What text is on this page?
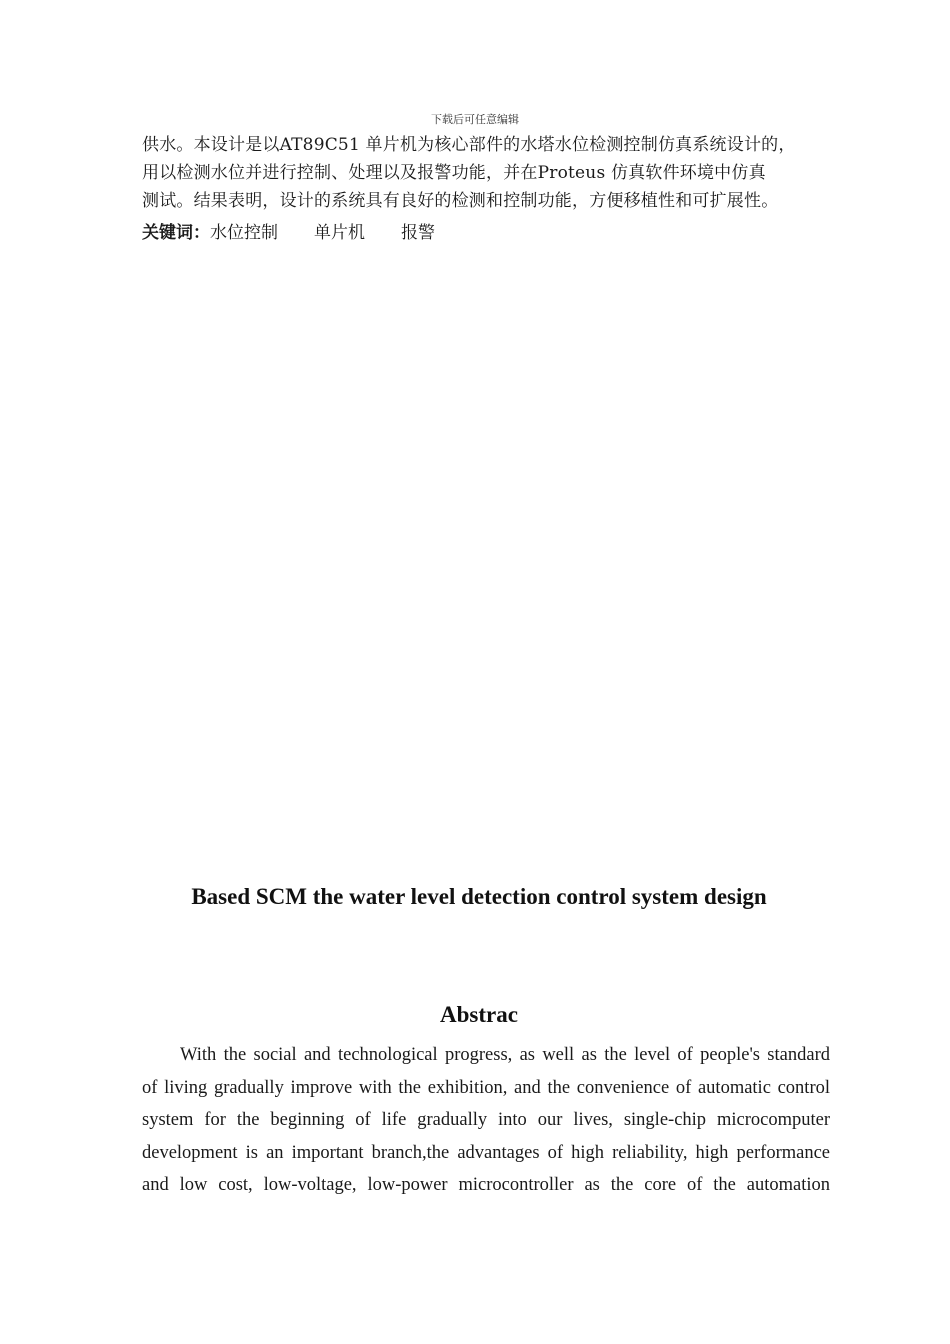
下载后可任意编辑
供水。本设计是以AT89C51 单片机为核心部件的水塔水位检测控制仿真系统设计的，
用以检测水位并进行控制、处理以及报警功能，并在Proteus 仿真软件环境中仿真
测试。结果表明，设计的系统具有良好的检测和控制功能，方便移植性和可扩展性。
关键词：水位控制 单片机 报警
Based SCM the water level detection control system design
Abstrac
With the social and technological progress, as well as the level of people's standard
of living gradually improve with the exhibition, and the convenience of automatic control
system for the beginning of life gradually into our lives, single-chip microcomputer
development is an important branch,the advantages of high reliability, high performance
and low cost, low-voltage, low-power microcontroller as the core of the automation
